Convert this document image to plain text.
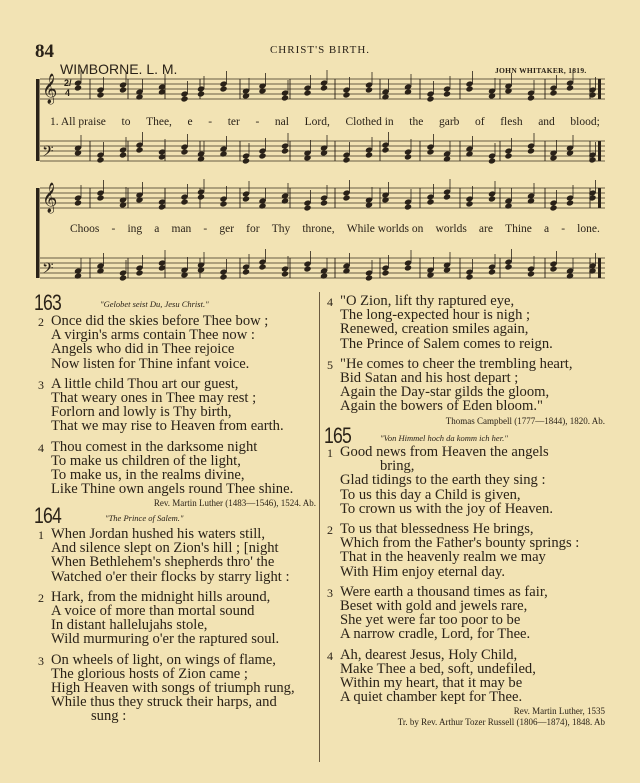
84	CHRIST'S BIRTH.
WIMBORNE. L. M.	JOHN WHITAKER, 1819.
𝄞
𝄢
𝄞
𝄢
2/4
1. All praise to Thee, e - ter - nal Lord, Clothed in the garb of flesh and blood;
Choos - ing a man - ger for Thy throne, While worlds on worlds are Thine a - lone.
163	"Gelobet seist Du, Jesu Christ."
2 Once did the skies before Thee bow ;
A virgin's arms contain Thee now :
Angels who did in Thee rejoice
Now listen for Thine infant voice.
3 A little child Thou art our guest,
That weary ones in Thee may rest ;
Forlorn and lowly is Thy birth,
That we may rise to Heaven from earth.
4 Thou comest in the darksome night
To make us children of the light,
To make us, in the realms divine,
Like Thine own angels round Thee shine.
Rev. Martin Luther (1483—1546), 1524. Ab.
164	"The Prince of Salem."
1 When Jordan hushed his waters still,
And silence slept on Zion's hill ; [night
When Bethlehem's shepherds thro' the
Watched o'er their flocks by starry light :
2 Hark, from the midnight hills around,
A voice of more than mortal sound
In distant hallelujahs stole,
Wild murmuring o'er the raptured soul.
3 On wheels of light, on wings of flame,
The glorious hosts of Zion came ;
High Heaven with songs of triumph rung,
While thus they struck their harps, and
sung :
4 "O Zion, lift thy raptured eye,
The long-expected hour is nigh ;
Renewed, creation smiles again,
The Prince of Salem comes to reign.
5 "He comes to cheer the trembling heart,
Bid Satan and his host depart ;
Again the Day-star gilds the gloom,
Again the bowers of Eden bloom."
Thomas Campbell (1777—1844), 1820. Ab.
165	"Von Himmel hoch da komm ich her."
1 Good news from Heaven the angels
bring,
Glad tidings to the earth they sing :
To us this day a Child is given,
To crown us with the joy of Heaven.
2 To us that blessedness He brings,
Which from the Father's bounty springs :
That in the heavenly realm we may
With Him enjoy eternal day.
3 Were earth a thousand times as fair,
Beset with gold and jewels rare,
She yet were far too poor to be
A narrow cradle, Lord, for Thee.
4 Ah, dearest Jesus, Holy Child,
Make Thee a bed, soft, undefiled,
Within my heart, that it may be
A quiet chamber kept for Thee.
Rev. Martin Luther, 1535
Tr. by Rev. Arthur Tozer Russell (1806—1874), 1848. Ab
